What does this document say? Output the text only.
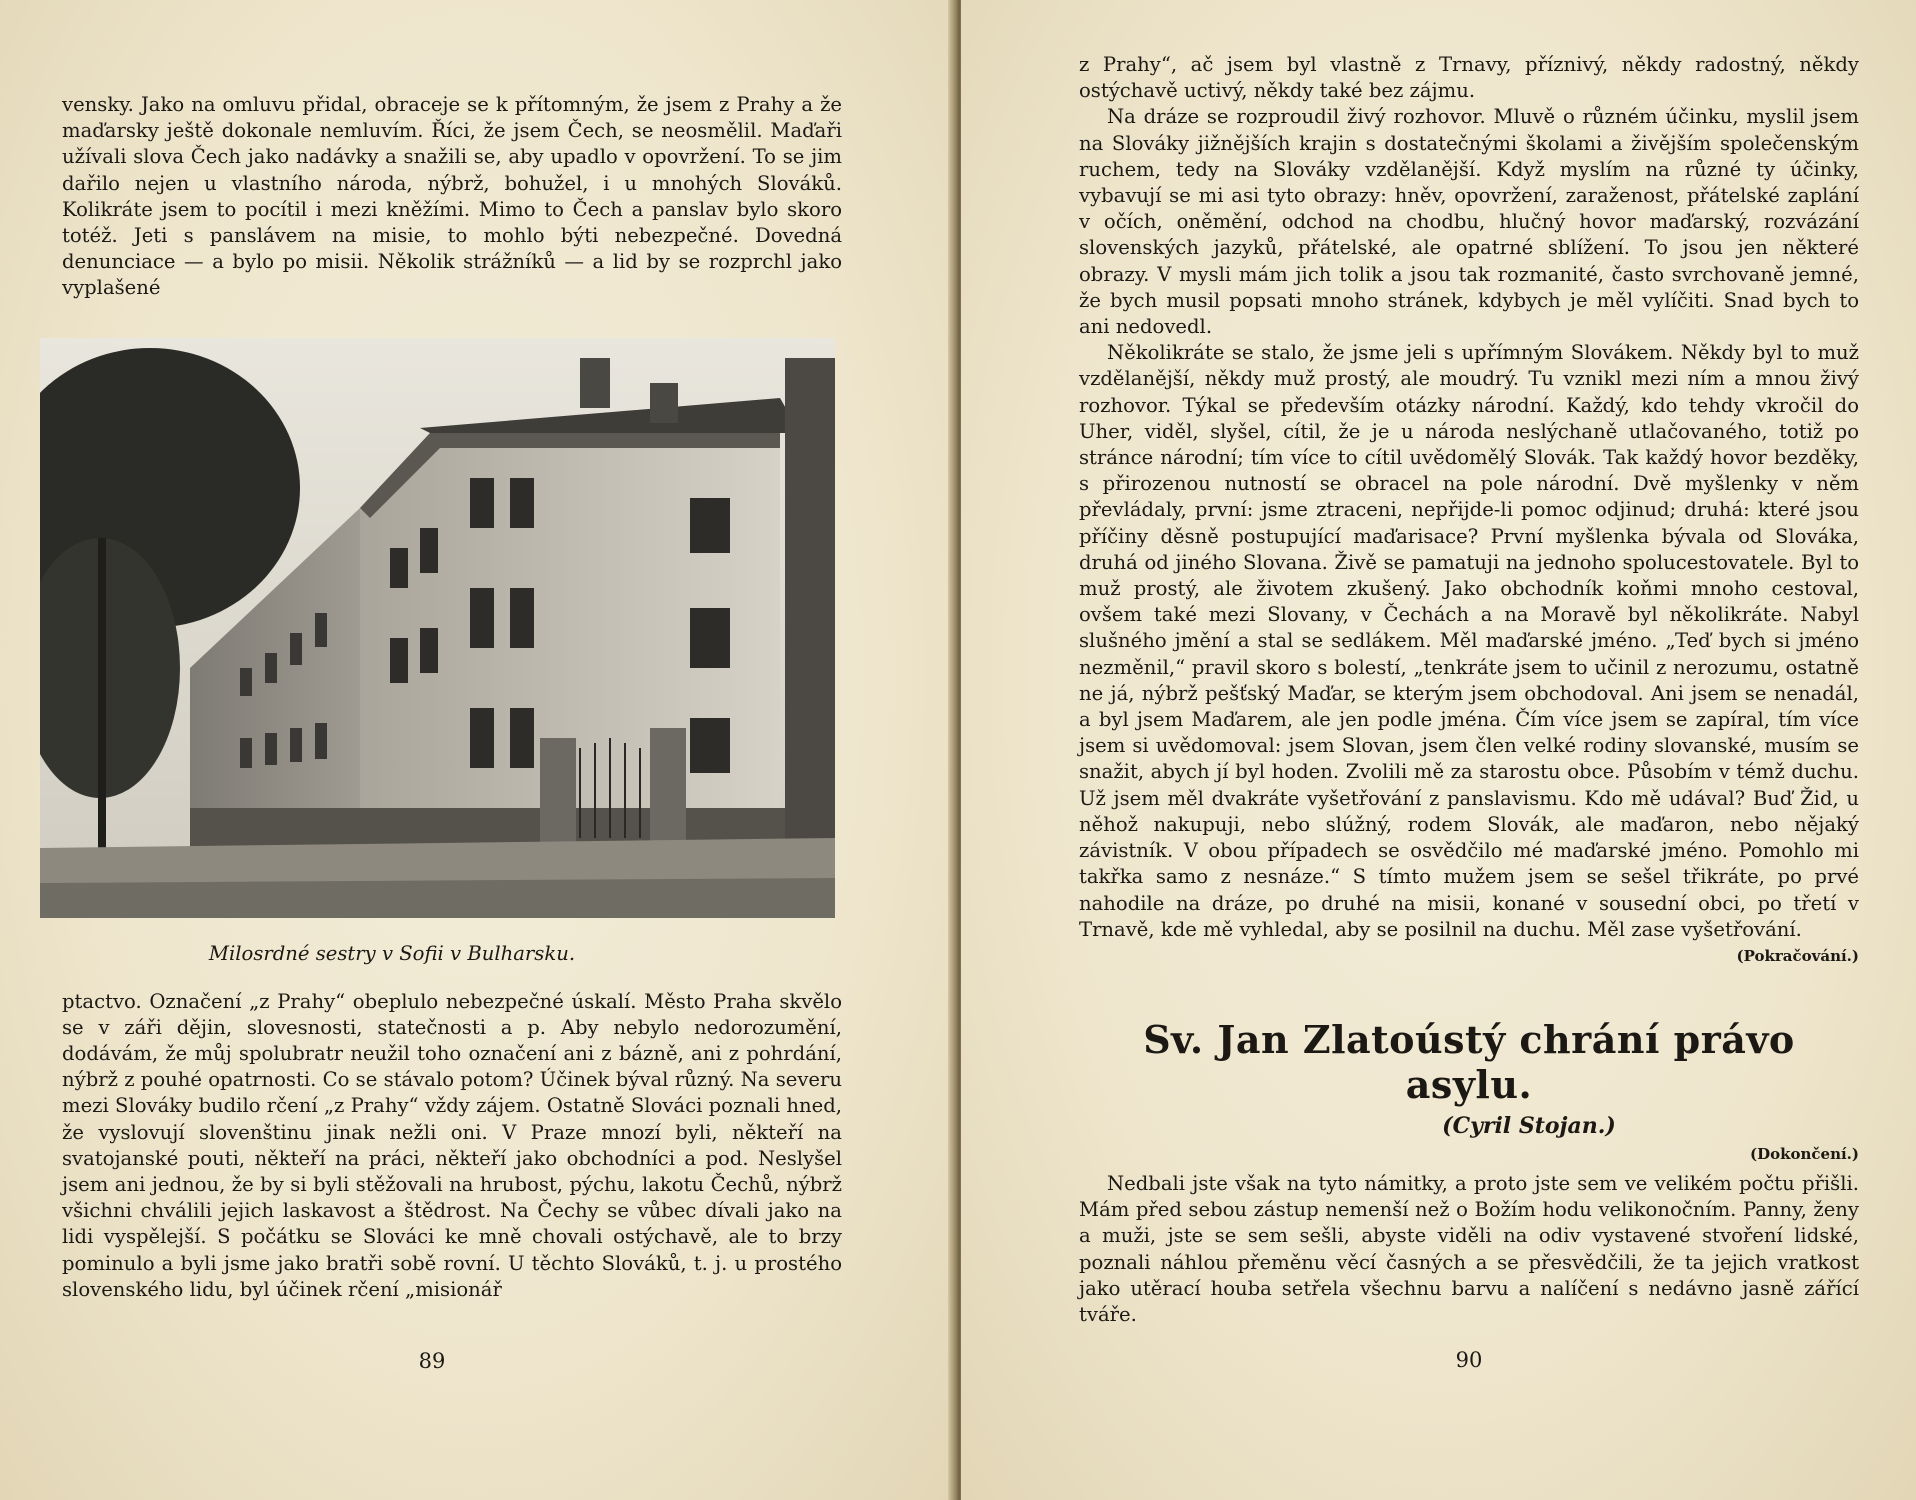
vensky. Jako na omluvu přidal, obraceje se k přítomným, že jsem z Prahy a že maďarsky ještě dokonale nemluvím. Říci, že jsem Čech, se neosmělil. Maďaři užívali slova Čech jako nadávky a snažili se, aby upadlo v opovržení. To se jim dařilo nejen u vlastního národa, nýbrž, bohužel, i u mnohých Slováků. Kolikráte jsem to pocítil i mezi kněžími. Mimo to Čech a panslav bylo skoro totéž. Jeti s panslávem na misie, to mohlo býti nebezpečné. Dovedná denunciace — a bylo po misii. Několik strážníků — a lid by se rozprchl jako vyplašené

Milosrdné sestry v Sofii v Bulharsku.

ptactvo. Označení „z Prahy“ obeplulo nebezpečné úskalí. Město Praha skvělo se v záři dějin, slovesnosti, statečnosti a p. Aby nebylo nedorozumění, dodávám, že můj spolubratr neužil toho označení ani z bázně, ani z pohrdání, nýbrž z pouhé opatrnosti. Co se stávalo potom? Účinek býval různý. Na severu mezi Slováky budilo rčení „z Prahy“ vždy zájem. Ostatně Slováci poznali hned, že vyslovují slovenštinu jinak nežli oni. V Praze mnozí byli, někteří na svatojanské pouti, někteří na práci, někteří jako obchodníci a pod. Neslyšel jsem ani jednou, že by si byli stěžovali na hrubost, pýchu, lakotu Čechů, nýbrž všichni chválili jejich laskavost a štědrost. Na Čechy se vůbec dívali jako na lidi vyspělejší. S počátku se Slováci ke mně chovali ostýchavě, ale to brzy pominulo a byli jsme jako bratři sobě rovní. U těchto Slováků, t. j. u prostého slovenského lidu, byl účinek rčení „misionář

89

z Prahy“, ač jsem byl vlastně z Trnavy, příznivý, někdy radostný, někdy ostýchavě uctivý, někdy také bez zájmu.

Na dráze se rozproudil živý rozhovor. Mluvě o různém účinku, myslil jsem na Slováky jižnějších krajin s dostatečnými školami a živějším společenským ruchem, tedy na Slováky vzdělanější. Když myslím na různé ty účinky, vybavují se mi asi tyto obrazy: hněv, opovržení, zaraženost, přátelské zaplání v očích, oněmění, odchod na chodbu, hlučný hovor maďarský, rozvázání slovenských jazyků, přátelské, ale opatrné sblížení. To jsou jen některé obrazy. V mysli mám jich tolik a jsou tak rozmanité, často svrchovaně jemné, že bych musil popsati mnoho stránek, kdybych je měl vylíčiti. Snad bych to ani nedovedl.

Několikráte se stalo, že jsme jeli s upřímným Slovákem. Někdy byl to muž vzdělanější, někdy muž prostý, ale moudrý. Tu vznikl mezi ním a mnou živý rozhovor. Týkal se především otázky národní. Každý, kdo tehdy vkročil do Uher, viděl, slyšel, cítil, že je u národa neslýchaně utlačovaného, totiž po stránce národní; tím více to cítil uvědomělý Slovák. Tak každý hovor bezděky, s přirozenou nutností se obracel na pole národní. Dvě myšlenky v něm převládaly, první: jsme ztraceni, nepřijde-li pomoc odjinud; druhá: které jsou příčiny děsně postupující maďarisace? První myšlenka bývala od Slováka, druhá od jiného Slovana. Živě se pamatuji na jednoho spolucestovatele. Byl to muž prostý, ale životem zkušený. Jako obchodník koňmi mnoho cestoval, ovšem také mezi Slovany, v Čechách a na Moravě byl několikráte. Nabyl slušného jmění a stal se sedlákem. Měl maďarské jméno. „Teď bych si jméno nezměnil,“ pravil skoro s bolestí, „tenkráte jsem to učinil z nerozumu, ostatně ne já, nýbrž pešťský Maďar, se kterým jsem obchodoval. Ani jsem se nenadál, a byl jsem Maďarem, ale jen podle jména. Čím více jsem se zapíral, tím více jsem si uvědomoval: jsem Slovan, jsem člen velké rodiny slovanské, musím se snažit, abych jí byl hoden. Zvolili mě za starostu obce. Působím v témž duchu. Už jsem měl dvakráte vyšetřování z panslavismu. Kdo mě udával? Buď Žid, u něhož nakupuji, nebo slúžný, rodem Slovák, ale maďaron, nebo nějaký závistník. V obou případech se osvědčilo mé maďarské jméno. Pomohlo mi takřka samo z nesnáze.“ S tímto mužem jsem se sešel třikráte, po prvé nahodile na dráze, po druhé na misii, konané v sousední obci, po třetí v Trnavě, kde mě vyhledal, aby se posilnil na duchu. Měl zase vyšetřování.

(Pokračování.)
Sv. Jan Zlatoústý chrání právo asylu.
(Cyril Stojan.)
(Dokončení.)

Nedbali jste však na tyto námitky, a proto jste sem ve velikém počtu přišli. Mám před sebou zástup nemenší než o Božím hodu velikonočním. Panny, ženy a muži, jste se sem sešli, abyste viděli na odiv vystavené stvoření lidské, poznali náhlou přeměnu věcí časných a se přesvědčili, že ta jejich vratkost jako utěrací houba setřela všechnu barvu a nalíčení s nedávno jasně zářící tváře.

90
